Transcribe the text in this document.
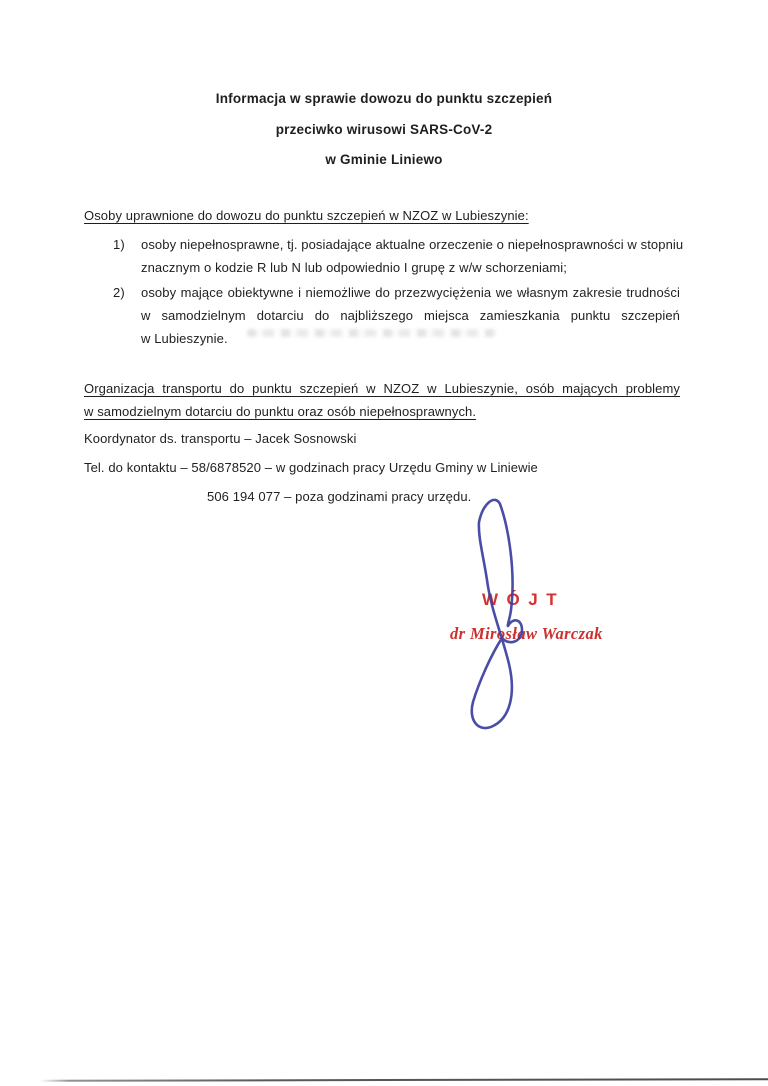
Informacja w sprawie dowozu do punktu szczepień
przeciwko wirusowi SARS-CoV-2
w Gminie Liniewo
Osoby uprawnione do dowozu do punktu szczepień w NZOZ w Lubieszynie:
1) osoby niepełnosprawne, tj. posiadające aktualne orzeczenie o niepełnosprawności w stopniu
znacznym o kodzie R lub N lub odpowiednio I grupę z w/w schorzeniami;
2) osoby mające obiektywne i niemożliwe do przezwyciężenia we własnym zakresie trudności
w samodzielnym dotarciu do najbliższego miejsca zamieszkania punktu szczepień
w Lubieszynie.
Organizacja transportu do punktu szczepień w NZOZ w Lubieszynie, osób mających problemy
w samodzielnym dotarciu do punktu oraz osób niepełnosprawnych.
Koordynator ds. transportu – Jacek Sosnowski
Tel. do kontaktu – 58/6878520 – w godzinach pracy Urzędu Gminy w Liniewie
506 194 077 – poza godzinami pracy urzędu.
WÓJT
dr Mirosław Warczak
